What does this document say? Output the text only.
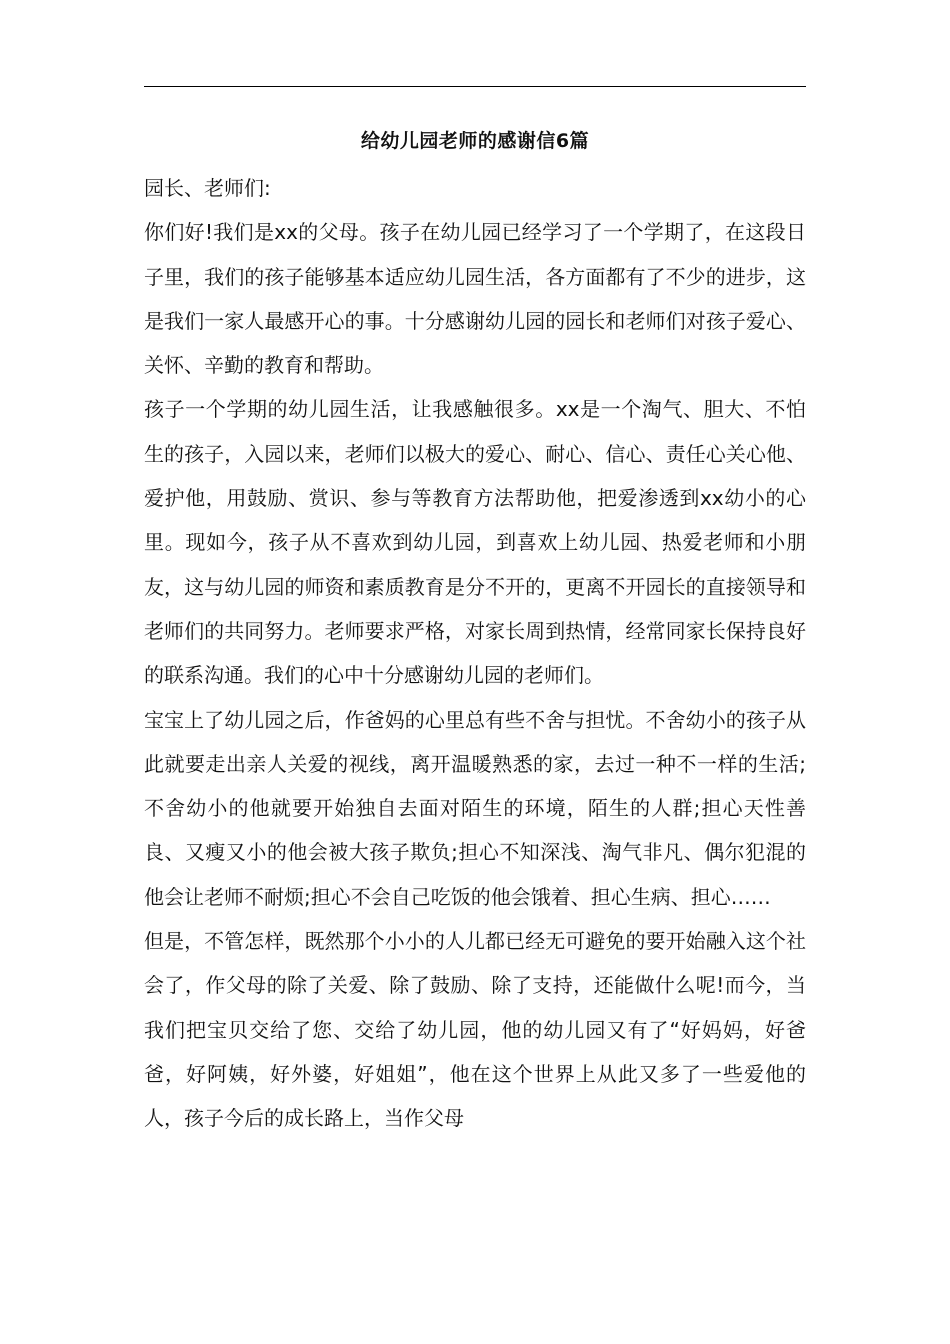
给幼儿园老师的感谢信6篇

园长、老师们:

你们好!我们是xx的父母。孩子在幼儿园已经学习了一个学期了，在这段日子里，我们的孩子能够基本适应幼儿园生活，各方面都有了不少的进步，这是我们一家人最感开心的事。十分感谢幼儿园的园长和老师们对孩子爱心、关怀、辛勤的教育和帮助。

孩子一个学期的幼儿园生活，让我感触很多。xx是一个淘气、胆大、不怕生的孩子，入园以来，老师们以极大的爱心、耐心、信心、责任心关心他、爱护他，用鼓励、赏识、参与等教育方法帮助他，把爱渗透到xx幼小的心里。现如今，孩子从不喜欢到幼儿园，到喜欢上幼儿园、热爱老师和小朋友，这与幼儿园的师资和素质教育是分不开的，更离不开园长的直接领导和老师们的共同努力。老师要求严格，对家长周到热情，经常同家长保持良好的联系沟通。我们的心中十分感谢幼儿园的老师们。

宝宝上了幼儿园之后，作爸妈的心里总有些不舍与担忧。不舍幼小的孩子从此就要走出亲人关爱的视线，离开温暖熟悉的家，去过一种不一样的生活;不舍幼小的他就要开始独自去面对陌生的环境，陌生的人群;担心天性善良、又瘦又小的他会被大孩子欺负;担心不知深浅、淘气非凡、偶尔犯混的他会让老师不耐烦;担心不会自己吃饭的他会饿着、担心生病、担心……

但是，不管怎样，既然那个小小的人儿都已经无可避免的要开始融入这个社会了，作父母的除了关爱、除了鼓励、除了支持，还能做什么呢!而今，当我们把宝贝交给了您、交给了幼儿园，他的幼儿园又有了“好妈妈，好爸爸，好阿姨，好外婆，好姐姐”，他在这个世界上从此又多了一些爱他的人，孩子今后的成长路上，当作父母
